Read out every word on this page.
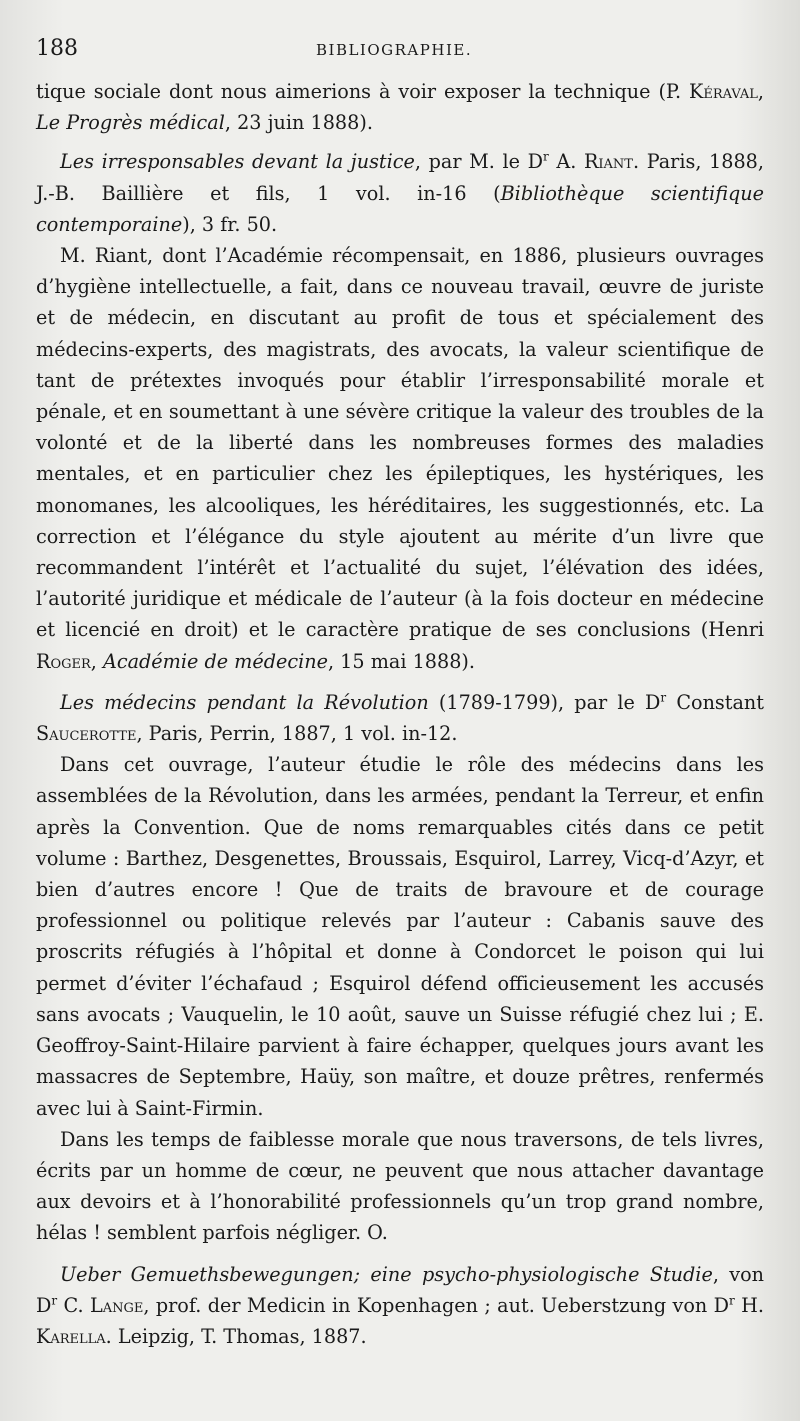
188	BIBLIOGRAPHIE.

tique sociale dont nous aimerions à voir exposer la technique (P. Kéraval, Le Progrès médical, 23 juin 1888).

Les irresponsables devant la justice, par M. le $D^r$ A. Riant. Paris, 1888, J.-B. Baillière et fils, 1 vol. in-16 (Bibliothèque scientifique contemporaine), 3 fr. 50.

M. Riant, dont l’Académie récompensait, en 1886, plusieurs ouvrages d’hygiène intellectuelle, a fait, dans ce nouveau travail, œuvre de juriste et de médecin, en discutant au profit de tous et spécialement des médecins-experts, des magistrats, des avocats, la valeur scientifique de tant de prétextes invoqués pour établir l’irresponsabilité morale et pénale, et en soumettant à une sévère critique la valeur des troubles de la volonté et de la liberté dans les nombreuses formes des maladies mentales, et en particulier chez les épileptiques, les hystériques, les monomanes, les alcooliques, les héréditaires, les suggestionnés, etc. La correction et l’élégance du style ajoutent au mérite d’un livre que recommandent l’intérêt et l’actualité du sujet, l’élévation des idées, l’autorité juridique et médicale de l’auteur (à la fois docteur en médecine et licencié en droit) et le caractère pratique de ses conclusions (Henri Roger, Académie de médecine, 15 mai 1888).

Les médecins pendant la Révolution (1789-1799), par le $D^r$ Constant Saucerotte, Paris, Perrin, 1887, 1 vol. in-12.

Dans cet ouvrage, l’auteur étudie le rôle des médecins dans les assemblées de la Révolution, dans les armées, pendant la Terreur, et enfin après la Convention. Que de noms remarquables cités dans ce petit volume : Barthez, Desgenettes, Broussais, Esquirol, Larrey, Vicq-d’Azyr, et bien d’autres encore ! Que de traits de bravoure et de courage professionnel ou politique relevés par l’auteur : Cabanis sauve des proscrits réfugiés à l’hôpital et donne à Condorcet le poison qui lui permet d’éviter l’échafaud ; Esquirol défend officieusement les accusés sans avocats ; Vauquelin, le 10 août, sauve un Suisse réfugié chez lui ; E. Geoffroy-Saint-Hilaire parvient à faire échapper, quelques jours avant les massacres de Septembre, Haüy, son maître, et douze prêtres, renfermés avec lui à Saint-Firmin.

Dans les temps de faiblesse morale que nous traversons, de tels livres, écrits par un homme de cœur, ne peuvent que nous attacher davantage aux devoirs et à l’honorabilité professionnels qu’un trop grand nombre, hélas ! semblent parfois négliger. O.

Ueber Gemuethsbewegungen; eine psycho-physiologische Studie, von $D^r$ C. Lange, prof. der Medicin in Kopenhagen ; aut. Ueberstzung von $D^r$ H. Karella. Leipzig, T. Thomas, 1887.
